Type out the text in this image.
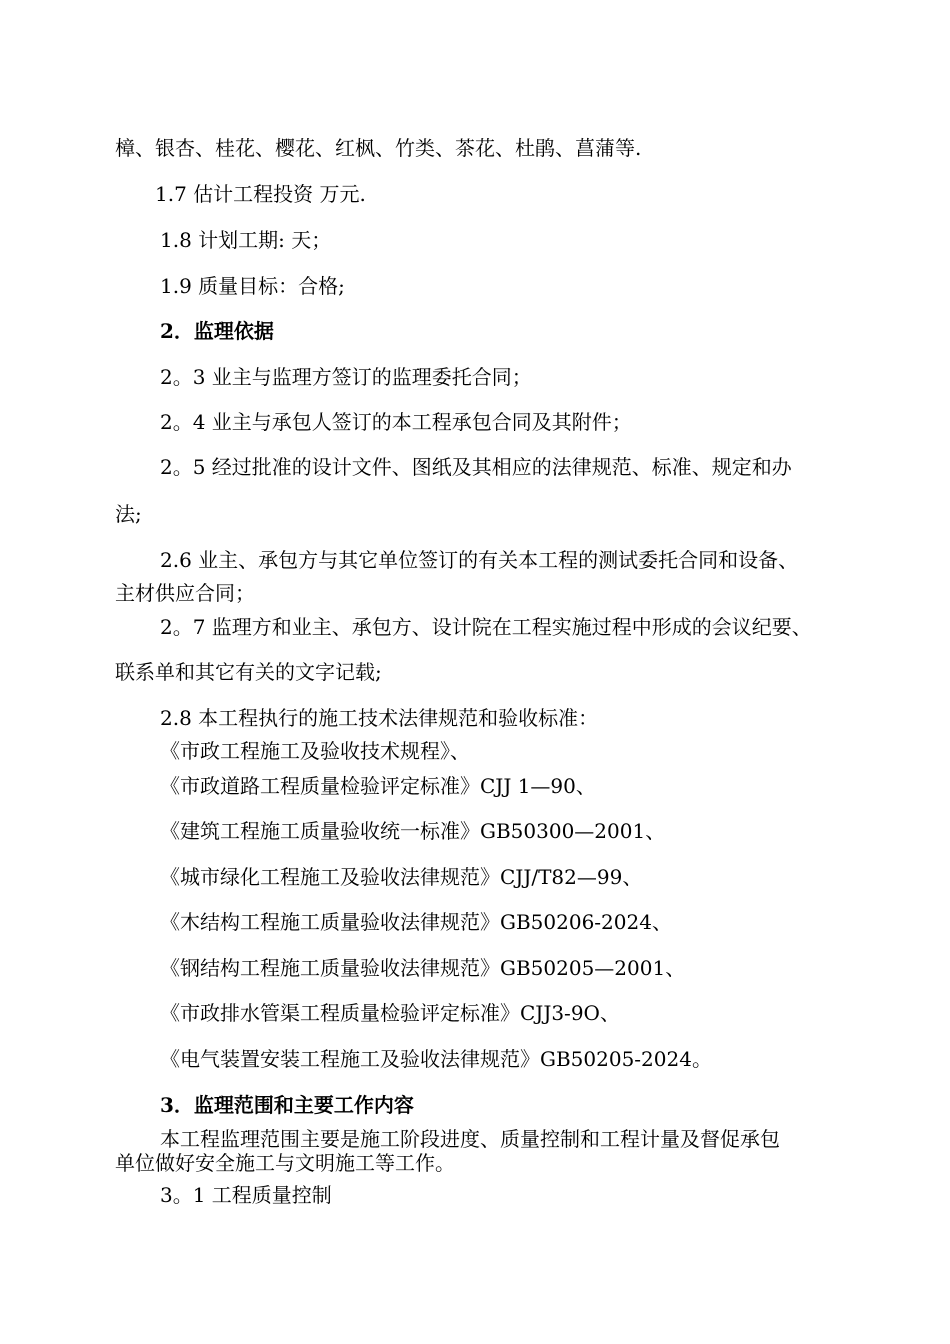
樟、银杏、桂花、樱花、红枫、竹类、茶花、杜鹃、菖蒲等.
1.7 估计工程投资 万元.
1.8 计划工期: 天；
1.9 质量目标：合格;
2．监理依据
2。3 业主与监理方签订的监理委托合同；
2。4 业主与承包人签订的本工程承包合同及其附件；
2。5 经过批准的设计文件、图纸及其相应的法律规范、标准、规定和办
法;
2.6 业主、承包方与其它单位签订的有关本工程的测试委托合同和设备、
主材供应合同；
2。7 监理方和业主、承包方、设计院在工程实施过程中形成的会议纪要、
联系单和其它有关的文字记载;
2.8 本工程执行的施工技术法律规范和验收标准：
《市政工程施工及验收技术规程》、
《市政道路工程质量检验评定标准》CJJ 1—90、
《建筑工程施工质量验收统一标准》GB50300—2001、
《城市绿化工程施工及验收法律规范》CJJ/T82—99、
《木结构工程施工质量验收法律规范》GB50206-2024、
《钢结构工程施工质量验收法律规范》GB50205—2001、
《市政排水管渠工程质量检验评定标准》CJJ3-9O、
《电气装置安装工程施工及验收法律规范》GB50205-2024。
3．监理范围和主要工作内容
本工程监理范围主要是施工阶段进度、质量控制和工程计量及督促承包
单位做好安全施工与文明施工等工作。
3。1 工程质量控制
